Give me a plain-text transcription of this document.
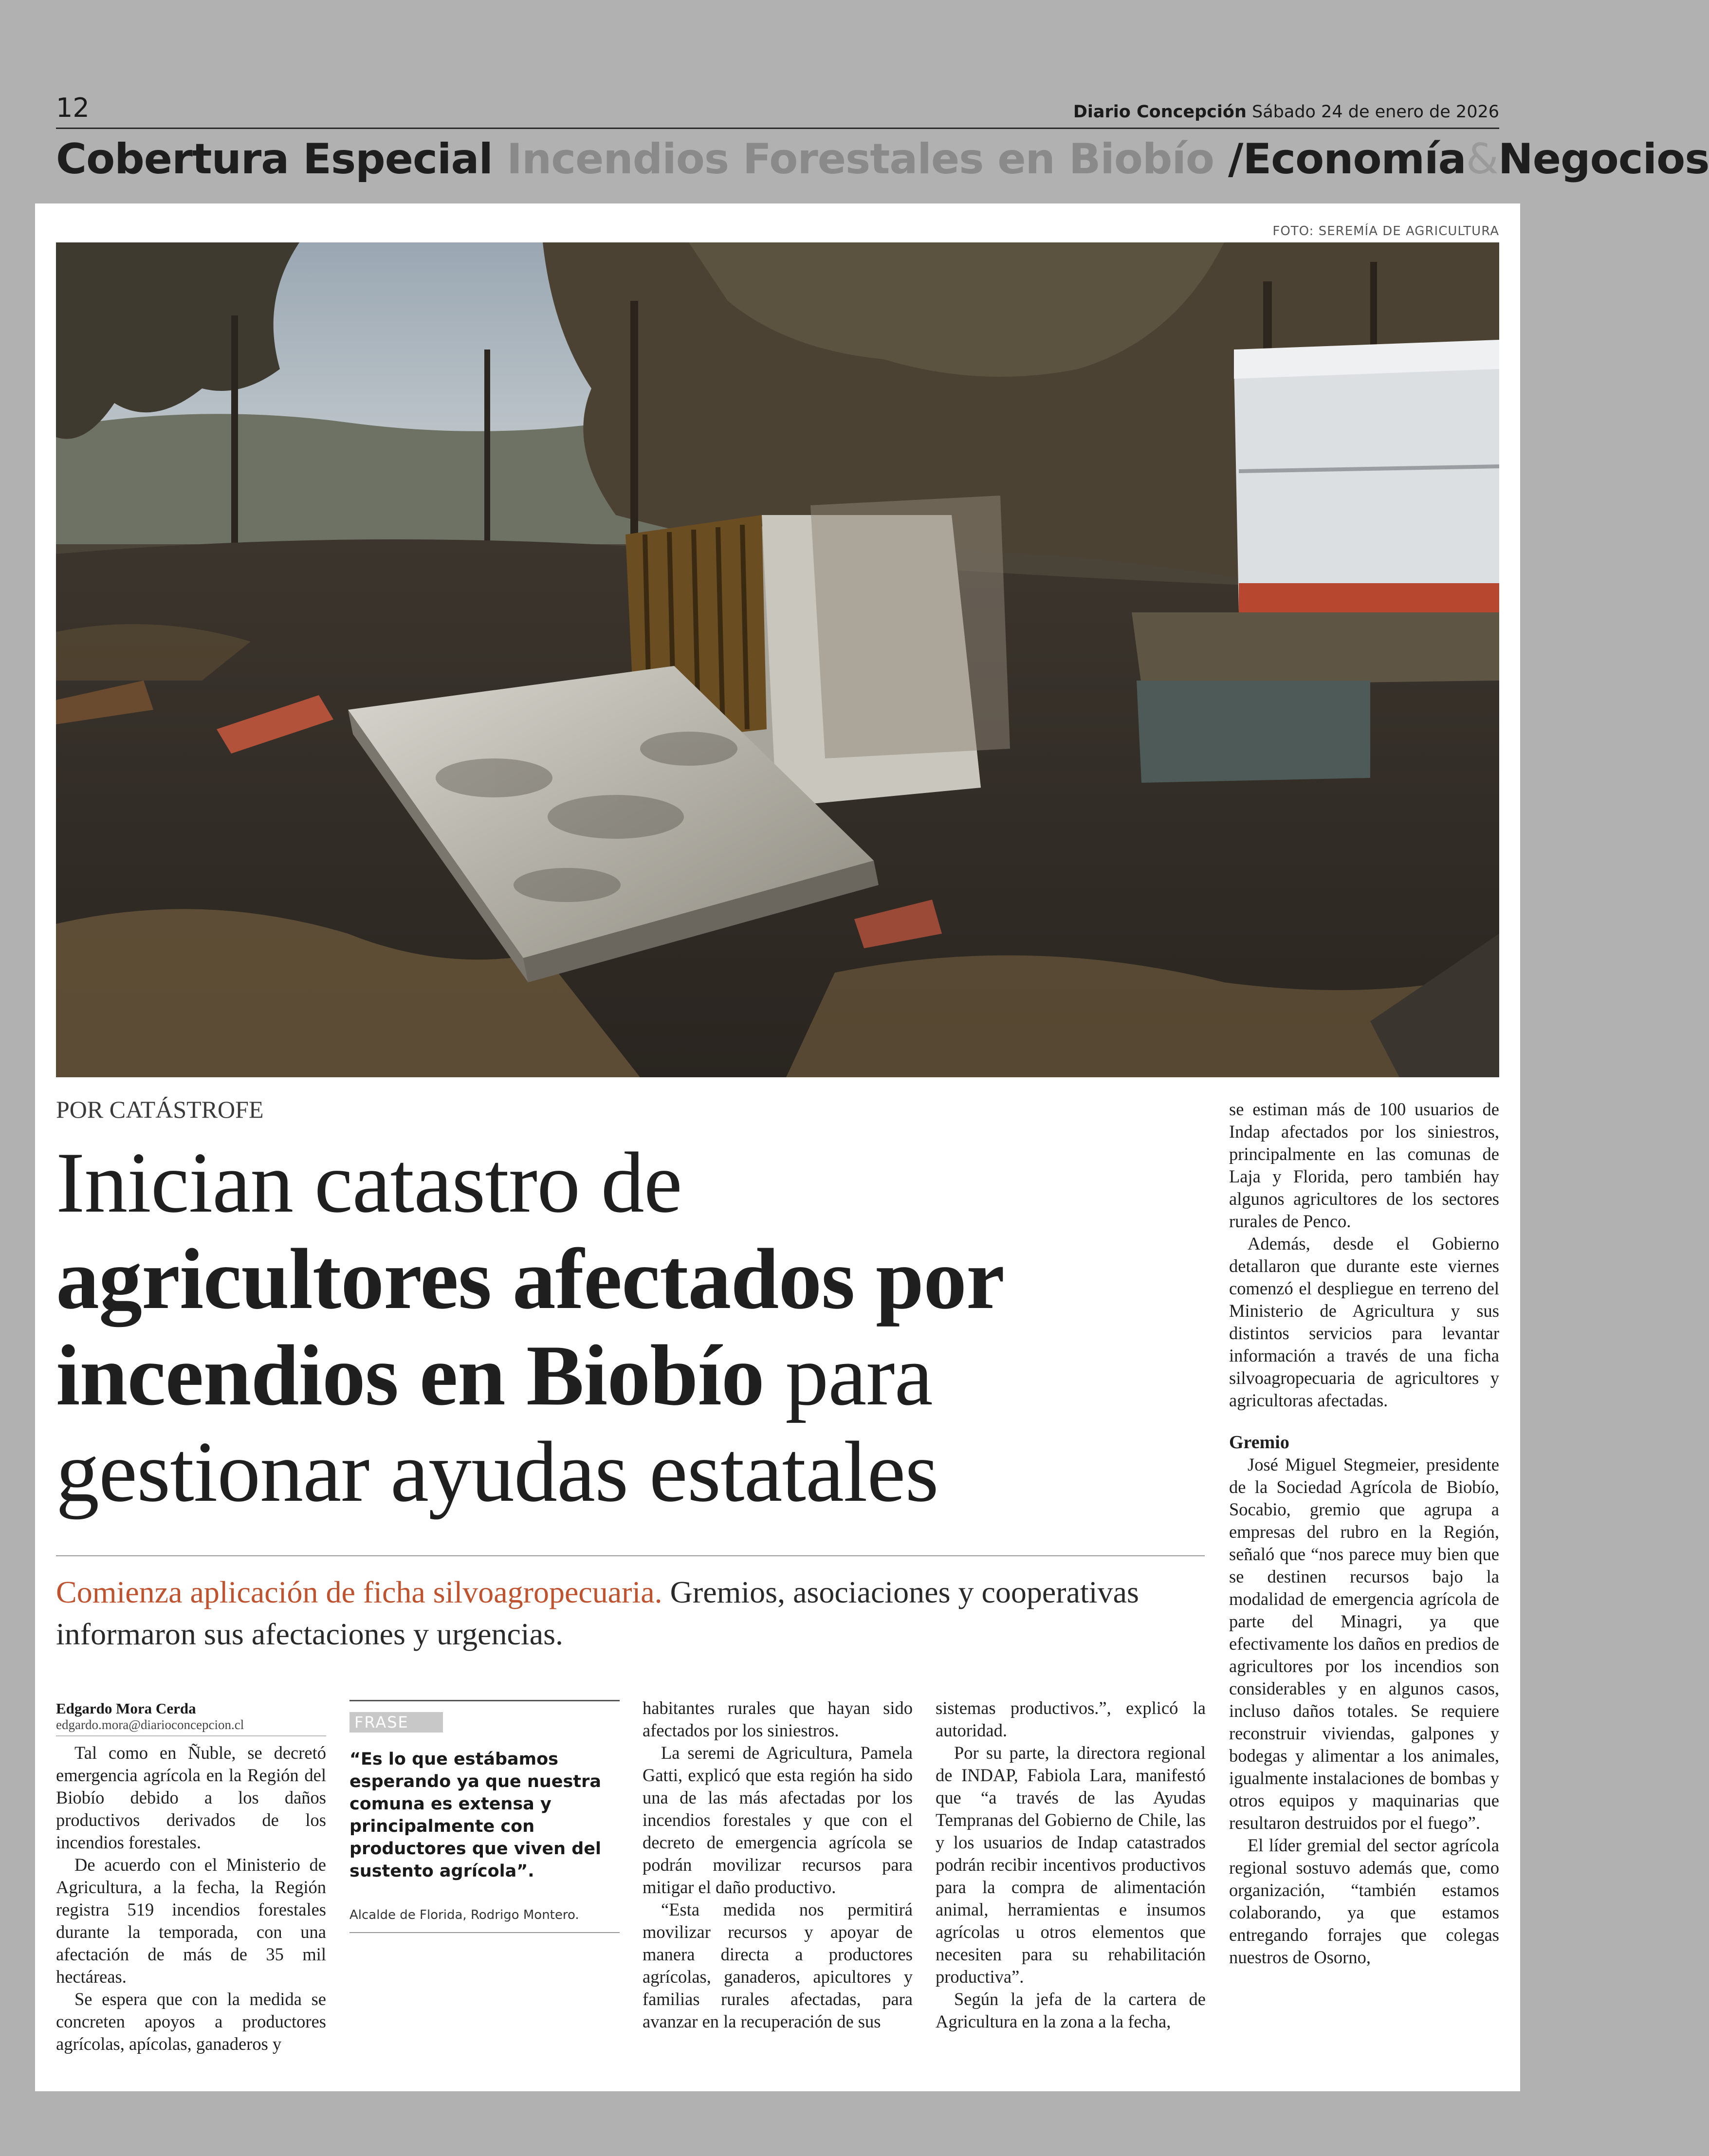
12	Diario Concepción Sábado 24 de enero de 2026
Cobertura Especial Incendios Forestales en Biobío /Economía&Negocios
FOTO: SEREMÍA DE AGRICULTURA
POR CATÁSTROFE
Inician catastro de
agricultores afectados por
incendios en Biobío para
gestionar ayudas estatales
Comienza aplicación de ficha silvoagropecuaria. Gremios, asociaciones y cooperativas informaron sus afectaciones y urgencias.
Edgardo Mora Cerda
edgardo.mora@diarioconcepcion.cl

Tal como en Ñuble, se decretó emergencia agrícola en la Región del Biobío debido a los daños productivos derivados de los incendios forestales.

De acuerdo con el Ministerio de Agricultura, a la fecha, la Región registra 519 incendios forestales durante la temporada, con una afectación de más de 35 mil hectáreas.

Se espera que con la medida se concreten apoyos a productores agrícolas, apícolas, ganaderos y

FRASE
“Es lo que estábamos esperando ya que nuestra comuna es extensa y principalmente con productores que viven del sustento agrícola”.
Alcalde de Florida, Rodrigo Montero.

habitantes rurales que hayan sido afectados por los siniestros.

La seremi de Agricultura, Pamela Gatti, explicó que esta región ha sido una de las más afectadas por los incendios forestales y que con el decreto de emergencia agrícola se podrán movilizar recursos para mitigar el daño productivo.

“Esta medida nos permitirá movilizar recursos y apoyar de manera directa a productores agrícolas, ganaderos, apicultores y familias rurales afectadas, para avanzar en la recuperación de sus

sistemas productivos.”, explicó la autoridad.

Por su parte, la directora regional de INDAP, Fabiola Lara, manifestó que “a través de las Ayudas Tempranas del Gobierno de Chile, las y los usuarios de Indap catastrados podrán recibir incentivos productivos para la compra de alimentación animal, herramientas e insumos agrícolas u otros elementos que necesiten para su rehabilitación productiva”.

Según la jefa de la cartera de Agricultura en la zona a la fecha,

se estiman más de 100 usuarios de Indap afectados por los siniestros, principalmente en las comunas de Laja y Florida, pero también hay algunos agricultores de los sectores rurales de Penco.

Además, desde el Gobierno detallaron que durante este viernes comenzó el despliegue en terreno del Ministerio de Agricultura y sus distintos servicios para levantar información a través de una ficha silvoagropecuaria de agricultores y agricultoras afectadas.

Gremio

José Miguel Stegmeier, presidente de la Sociedad Agrícola de Biobío, Socabio, gremio que agrupa a empresas del rubro en la Región, señaló que “nos parece muy bien que se destinen recursos bajo la modalidad de emergencia agrícola de parte del Minagri, ya que efectivamente los daños en predios de agricultores por los incendios son considerables y en algunos casos, incluso daños totales. Se requiere reconstruir viviendas, galpones y bodegas y alimentar a los animales, igualmente instalaciones de bombas y otros equipos y maquinarias que resultaron destruidos por el fuego”.

El líder gremial del sector agrícola regional sostuvo además que, como organización, “también estamos colaborando, ya que estamos entregando forrajes que colegas nuestros de Osorno,
